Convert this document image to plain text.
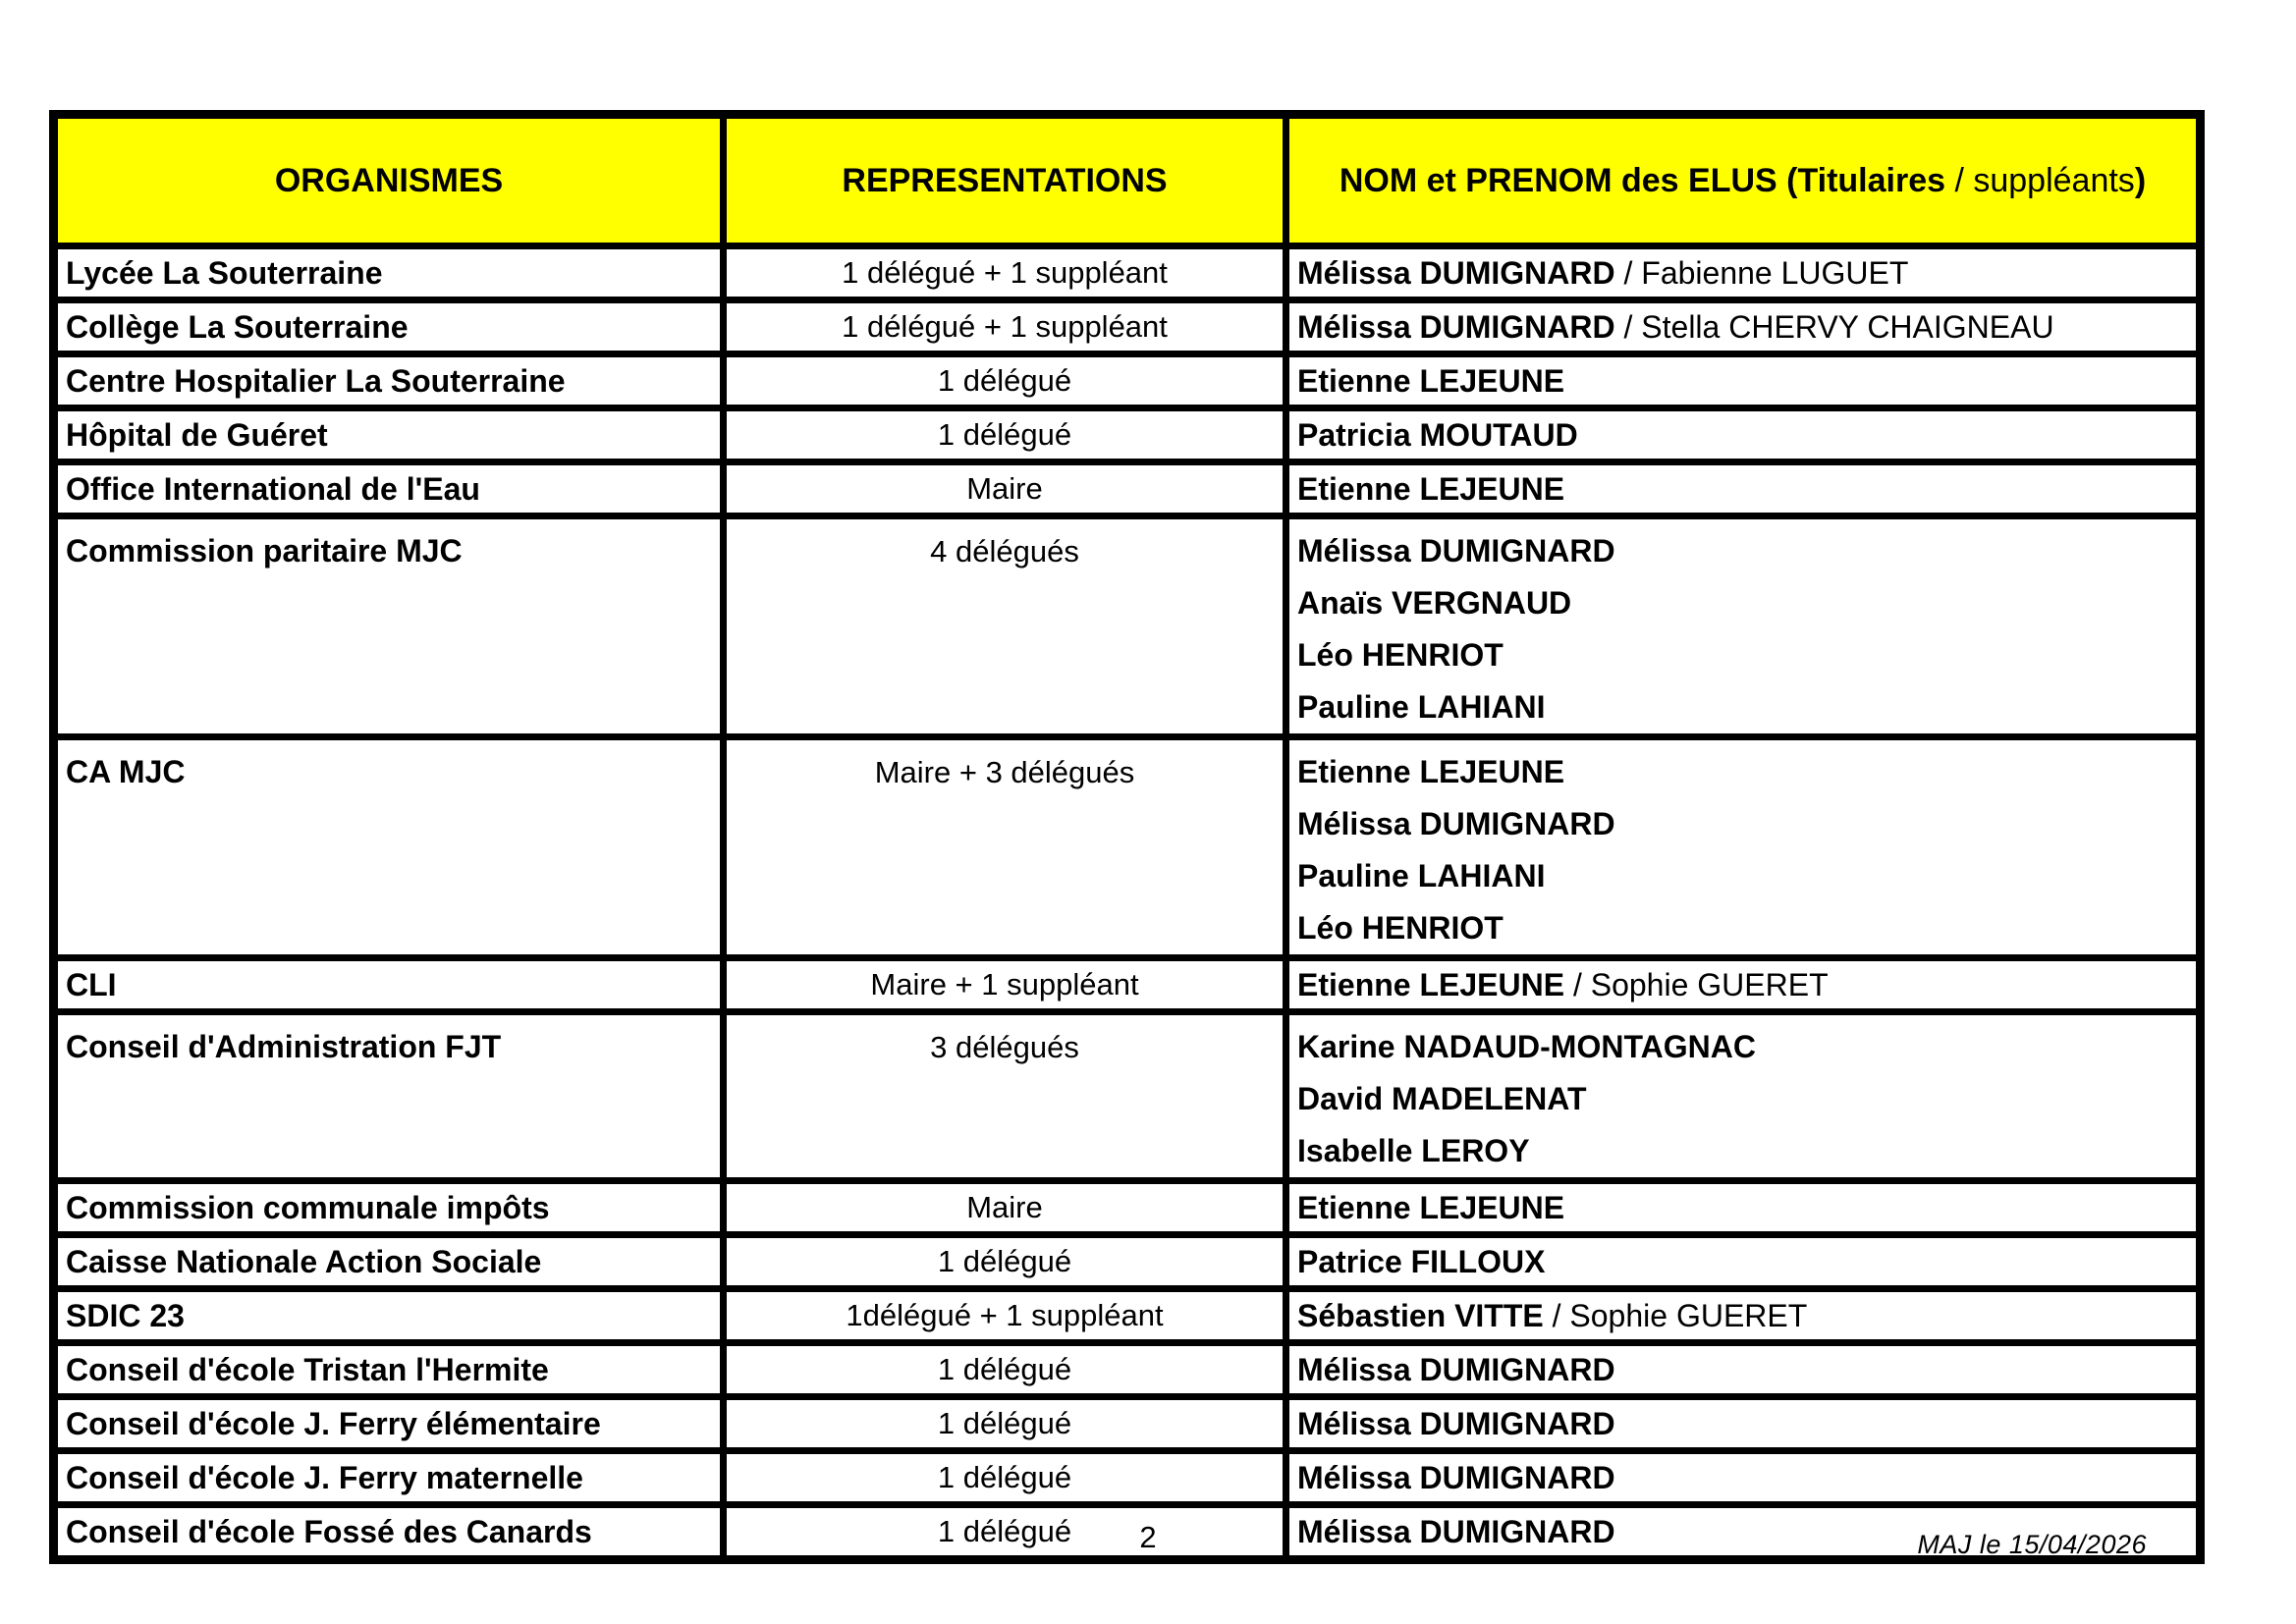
ORGANISMES	REPRESENTATIONS	NOM et PRENOM des ELUS (Titulaires / suppléants)
Lycée La Souterraine	1 délégué + 1 suppléant	Mélissa DUMIGNARD / Fabienne LUGUET

Collège La Souterraine	1 délégué + 1 suppléant	Mélissa DUMIGNARD / Stella CHERVY CHAIGNEAU

Centre Hospitalier La Souterraine	1 délégué	Etienne LEJEUNE

Hôpital de Guéret	1 délégué	Patricia MOUTAUD

Office International de l'Eau	Maire	Etienne LEJEUNE

Commission paritaire MJC	4 délégués	Mélissa DUMIGNARD
Anaïs VERGNAUD
Léo HENRIOT
Pauline LAHIANI

CA MJC	Maire + 3 délégués	Etienne LEJEUNE
Mélissa DUMIGNARD
Pauline LAHIANI
Léo HENRIOT

CLI	Maire + 1 suppléant	Etienne LEJEUNE / Sophie GUERET

Conseil d'Administration FJT	3 délégués	Karine NADAUD-MONTAGNAC
David MADELENAT
Isabelle LEROY

Commission communale impôts	Maire	Etienne LEJEUNE

Caisse Nationale Action Sociale	1 délégué	Patrice FILLOUX

SDIC 23	1délégué + 1 suppléant	Sébastien VITTE / Sophie GUERET

Conseil d'école Tristan l'Hermite	1 délégué	Mélissa DUMIGNARD

Conseil d'école J. Ferry élémentaire	1 délégué	Mélissa DUMIGNARD

Conseil d'école J. Ferry maternelle	1 délégué	Mélissa DUMIGNARD

Conseil d'école Fossé des Canards	1 délégué	Mélissa DUMIGNARD
2	MAJ le 15/04/2026
